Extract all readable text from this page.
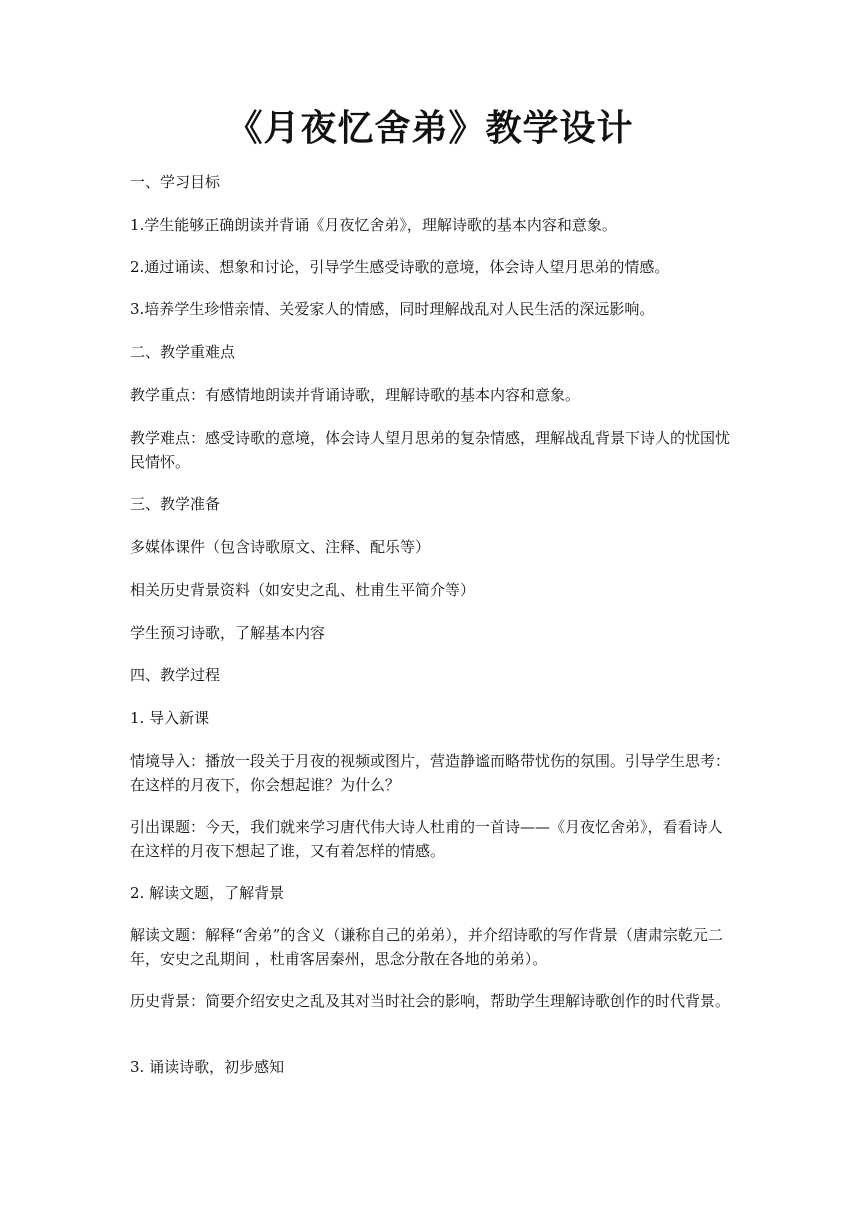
《月夜忆舍弟》教学设计

一、学习目标

1.学生能够正确朗读并背诵《月夜忆舍弟》，理解诗歌的基本内容和意象。

2.通过诵读、想象和讨论，引导学生感受诗歌的意境，体会诗人望月思弟的情感。

3.培养学生珍惜亲情、关爱家人的情感，同时理解战乱对人民生活的深远影响。

二、教学重难点

教学重点：有感情地朗读并背诵诗歌，理解诗歌的基本内容和意象。

教学难点：感受诗歌的意境，体会诗人望月思弟的复杂情感，理解战乱背景下诗人的忧国忧民情怀。

三、教学准备

多媒体课件（包含诗歌原文、注释、配乐等）

相关历史背景资料（如安史之乱、杜甫生平简介等）

学生预习诗歌，了解基本内容

四、教学过程

1. 导入新课

情境导入：播放一段关于月夜的视频或图片，营造静谧而略带忧伤的氛围。引导学生思考：在这样的月夜下，你会想起谁？为什么？

引出课题：今天，我们就来学习唐代伟大诗人杜甫的一首诗——《月夜忆舍弟》，看看诗人在这样的月夜下想起了谁，又有着怎样的情感。

2. 解读文题，了解背景

解读文题：解释“舍弟”的含义（谦称自己的弟弟），并介绍诗歌的写作背景（唐肃宗乾元二年，安史之乱期间 ，杜甫客居秦州，思念分散在各地的弟弟）。

历史背景：简要介绍安史之乱及其对当时社会的影响，帮助学生理解诗歌创作的时代背景。

3. 诵读诗歌，初步感知
